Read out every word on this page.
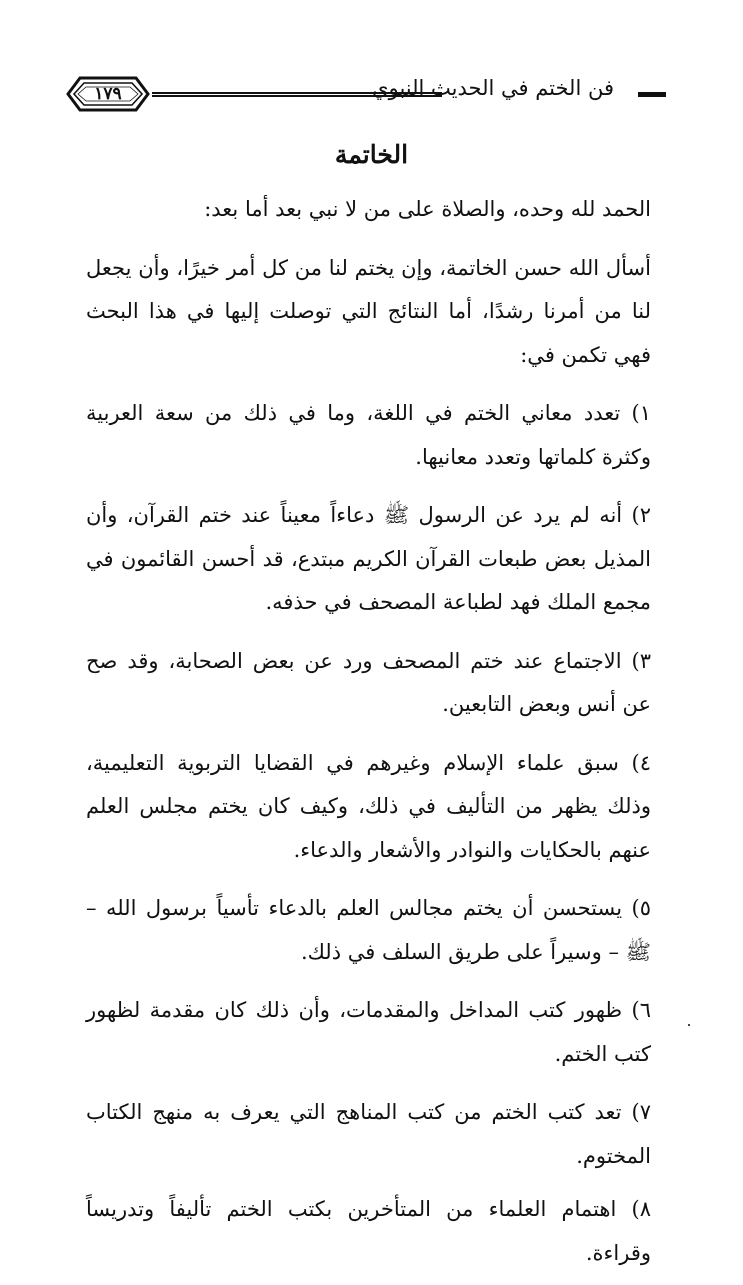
فن الختم في الحديث النبوي
١٧٩
الخاتمة

الحمد لله وحده، والصلاة على من لا نبي بعد أما بعد:

أسأل الله حسن الخاتمة، وإن يختم لنا من كل أمر خيرًا، وأن يجعل لنا من أمرنا رشدًا، أما النتائج التي توصلت إليها في هذا البحث فهي تكمن في:

١) تعدد معاني الختم في اللغة، وما في ذلك من سعة العربية وكثرة كلماتها وتعدد معانيها.

٢) أنه لم يرد عن الرسول ﷺ دعاءاً معيناً عند ختم القرآن، وأن المذيل بعض طبعات القرآن الكريم مبتدع، قد أحسن القائمون في مجمع الملك فهد لطباعة المصحف في حذفه.

٣) الاجتماع عند ختم المصحف ورد عن بعض الصحابة، وقد صح عن أنس وبعض التابعين.

٤) سبق علماء الإسلام وغيرهم في القضايا التربوية التعليمية، وذلك يظهر من التأليف في ذلك، وكيف كان يختم مجلس العلم عنهم بالحكايات والنوادر والأشعار والدعاء.

٥) يستحسن أن يختم مجالس العلم بالدعاء تأسياً برسول الله – ﷺ – وسيراً على طريق السلف في ذلك.

٦) ظهور كتب المداخل والمقدمات، وأن ذلك كان مقدمة لظهور كتب الختم.

٧) تعد كتب الختم من كتب المناهج التي يعرف به منهج الكتاب المختوم.

٨) اهتمام العلماء من المتأخرين بكتب الختم تأليفاً وتدريساً وقراءة.
